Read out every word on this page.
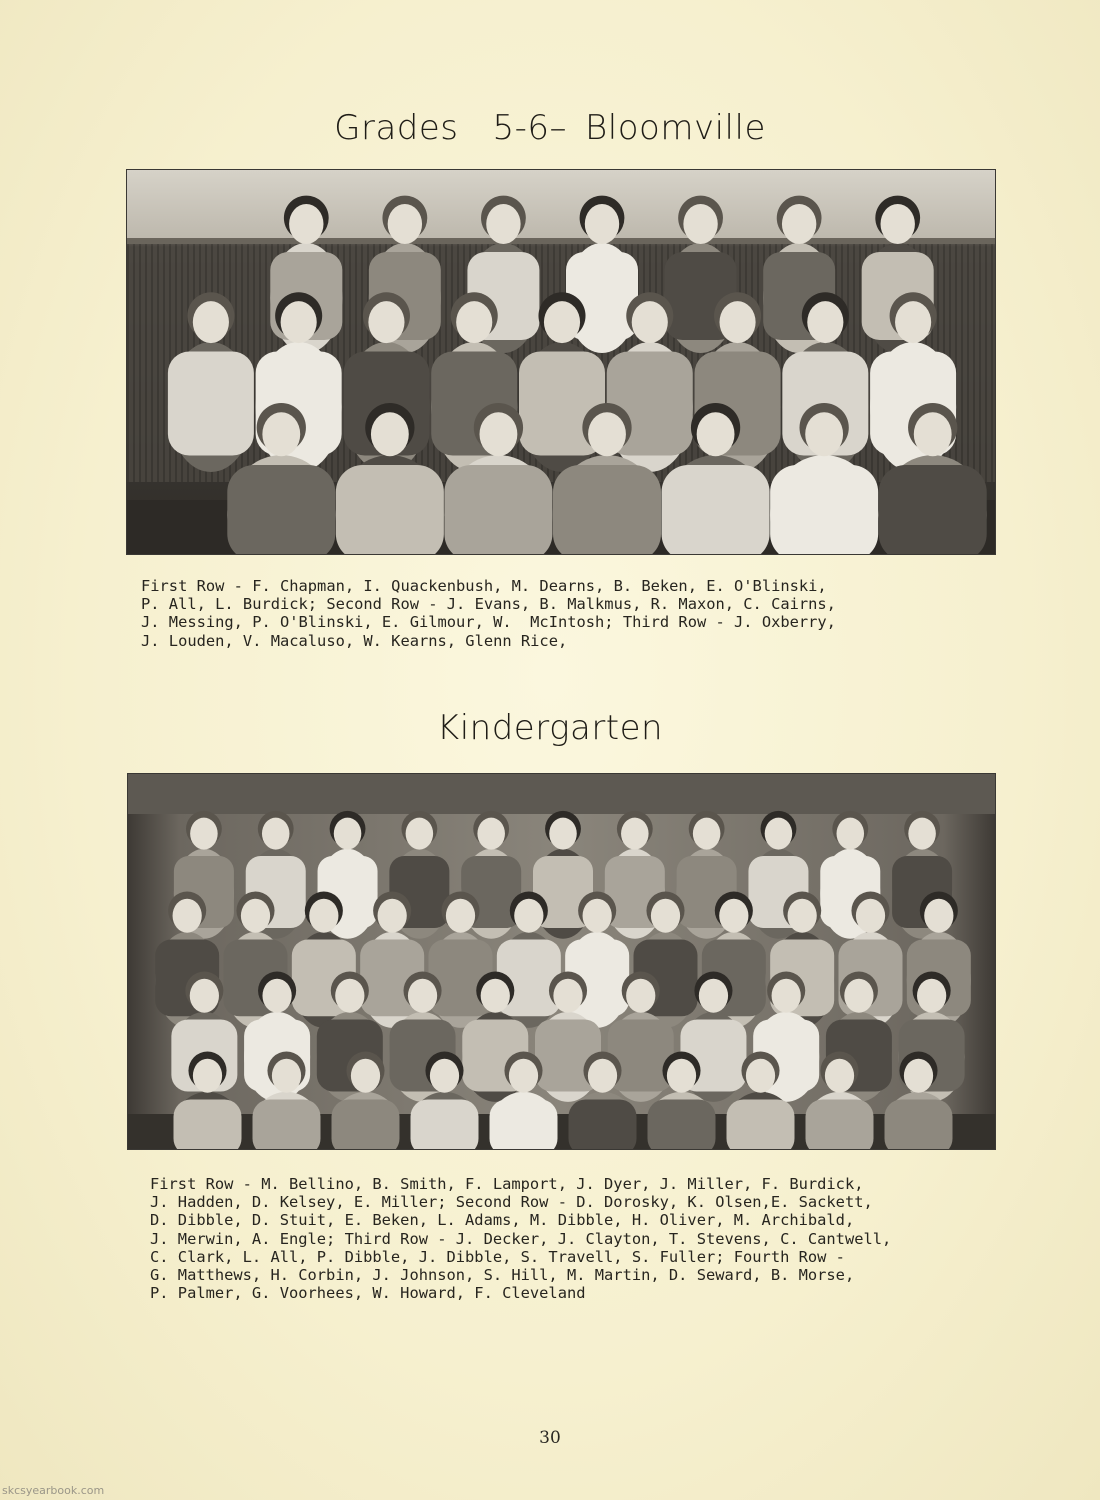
Grades 5-6– Bloomville
First Row - F. Chapman, I. Quackenbush, M. Dearns, B. Beken, E. O'Blinski,
P. All, L. Burdick; Second Row - J. Evans, B. Malkmus, R. Maxon, C. Cairns,
J. Messing, P. O'Blinski, E. Gilmour, W.  McIntosh; Third Row - J. Oxberry,
J. Louden, V. Macaluso, W. Kearns, Glenn Rice,
Kindergarten
First Row - M. Bellino, B. Smith, F. Lamport, J. Dyer, J. Miller, F. Burdick,
J. Hadden, D. Kelsey, E. Miller; Second Row - D. Dorosky, K. Olsen,E. Sackett,
D. Dibble, D. Stuit, E. Beken, L. Adams, M. Dibble, H. Oliver, M. Archibald,
J. Merwin, A. Engle; Third Row - J. Decker, J. Clayton, T. Stevens, C. Cantwell,
C. Clark, L. All, P. Dibble, J. Dibble, S. Travell, S. Fuller; Fourth Row -
G. Matthews, H. Corbin, J. Johnson, S. Hill, M. Martin, D. Seward, B. Morse,
P. Palmer, G. Voorhees, W. Howard, F. Cleveland
30
skcsyearbook.com
